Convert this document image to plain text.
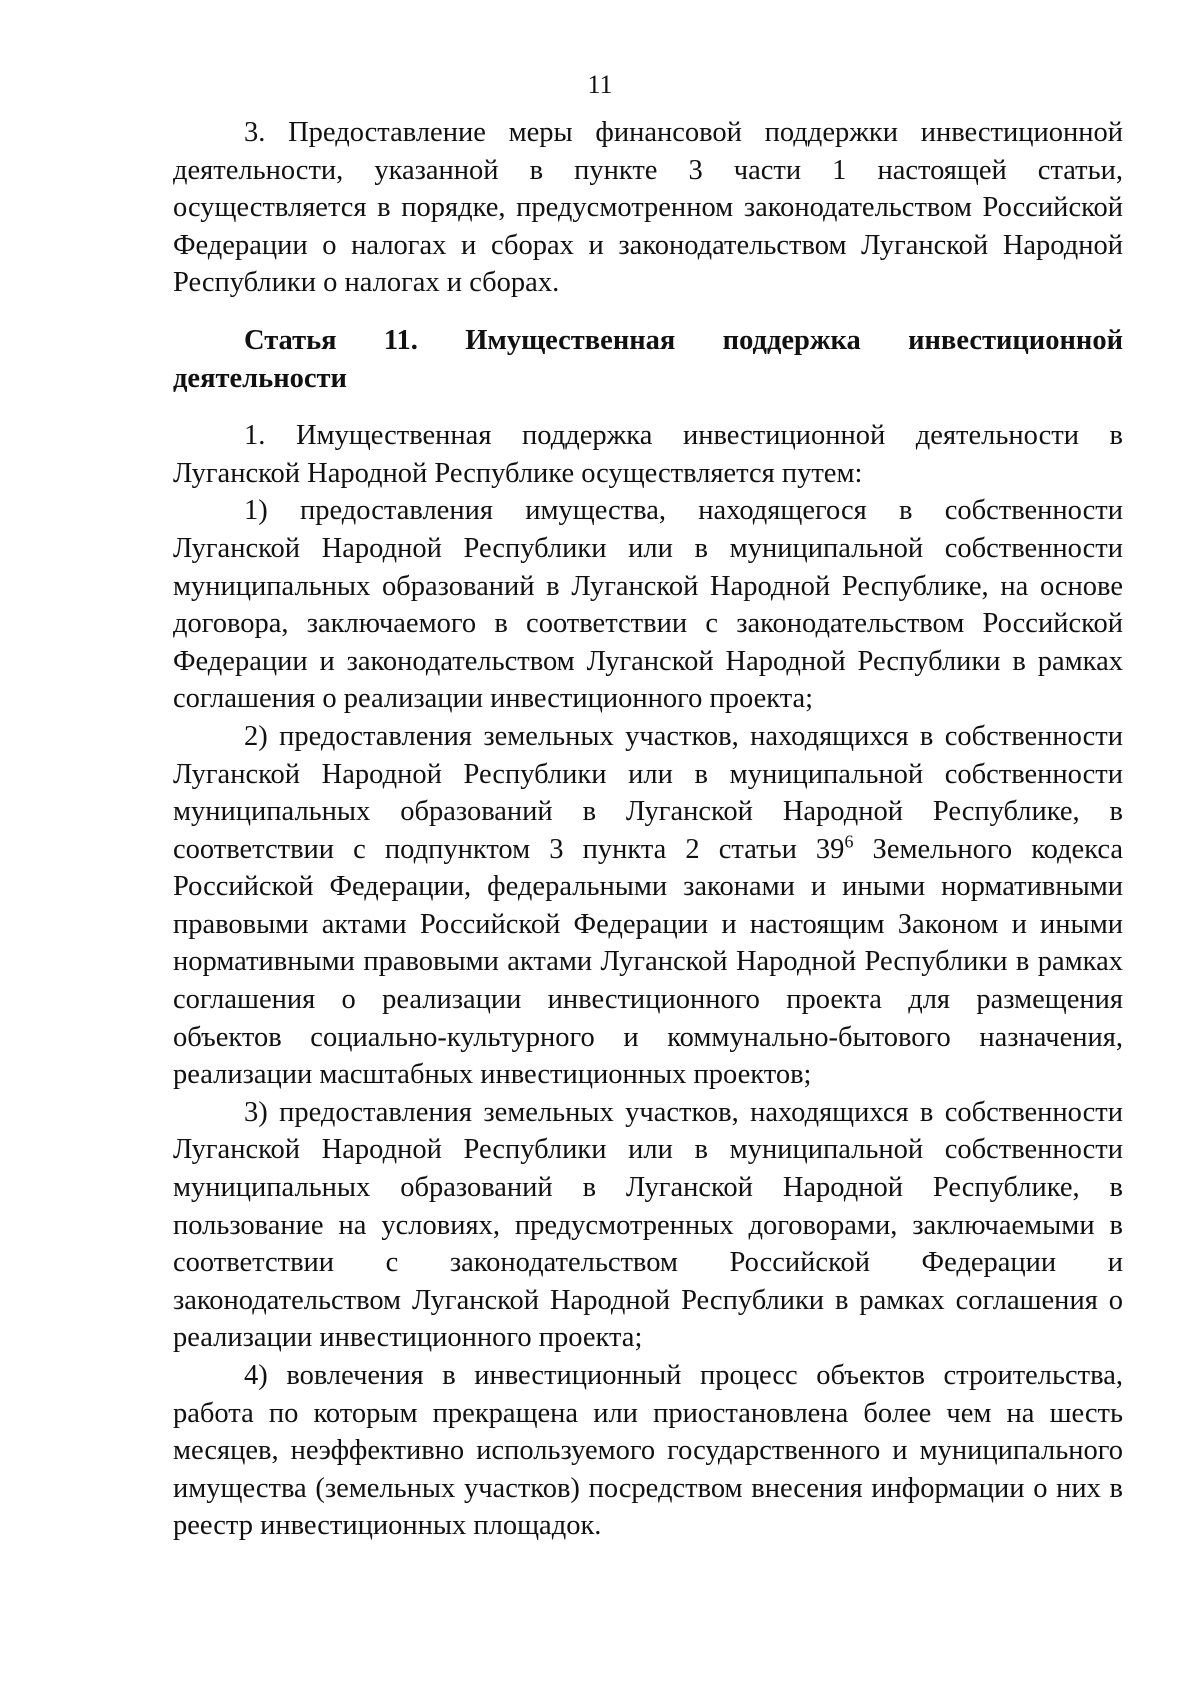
11

3. Предоставление меры финансовой поддержки инвестиционной деятельности, указанной в пункте 3 части 1 настоящей статьи, осуществляется в порядке, предусмотренном законодательством Российской Федерации о налогах и сборах и законодательством Луганской Народной Республики о налогах и сборах.

Статья 11. Имущественная поддержка инвестиционной деятельности

1. Имущественная поддержка инвестиционной деятельности в Луганской Народной Республике осуществляется путем:

1) предоставления имущества, находящегося в собственности Луганской Народной Республики или в муниципальной собственности муниципальных образований в Луганской Народной Республике, на основе договора, заключаемого в соответствии с законодательством Российской Федерации и законодательством Луганской Народной Республики в рамках соглашения о реализации инвестиционного проекта;

2) предоставления земельных участков, находящихся в собственности Луганской Народной Республики или в муниципальной собственности муниципальных образований в Луганской Народной Республике, в соответствии с подпунктом 3 пункта 2 статьи $39^6$ Земельного кодекса Российской Федерации, федеральными законами и иными нормативными правовыми актами Российской Федерации и настоящим Законом и иными нормативными правовыми актами Луганской Народной Республики в рамках соглашения о реализации инвестиционного проекта для размещения объектов социально-культурного и коммунально-бытового назначения, реализации масштабных инвестиционных проектов;

3) предоставления земельных участков, находящихся в собственности Луганской Народной Республики или в муниципальной собственности муниципальных образований в Луганской Народной Республике, в пользование на условиях, предусмотренных договорами, заключаемыми в соответствии с законодательством Российской Федерации и законодательством Луганской Народной Республики в рамках соглашения о реализации инвестиционного проекта;

4) вовлечения в инвестиционный процесс объектов строительства, работа по которым прекращена или приостановлена более чем на шесть месяцев, неэффективно используемого государственного и муниципального имущества (земельных участков) посредством внесения информации о них в реестр инвестиционных площадок.
